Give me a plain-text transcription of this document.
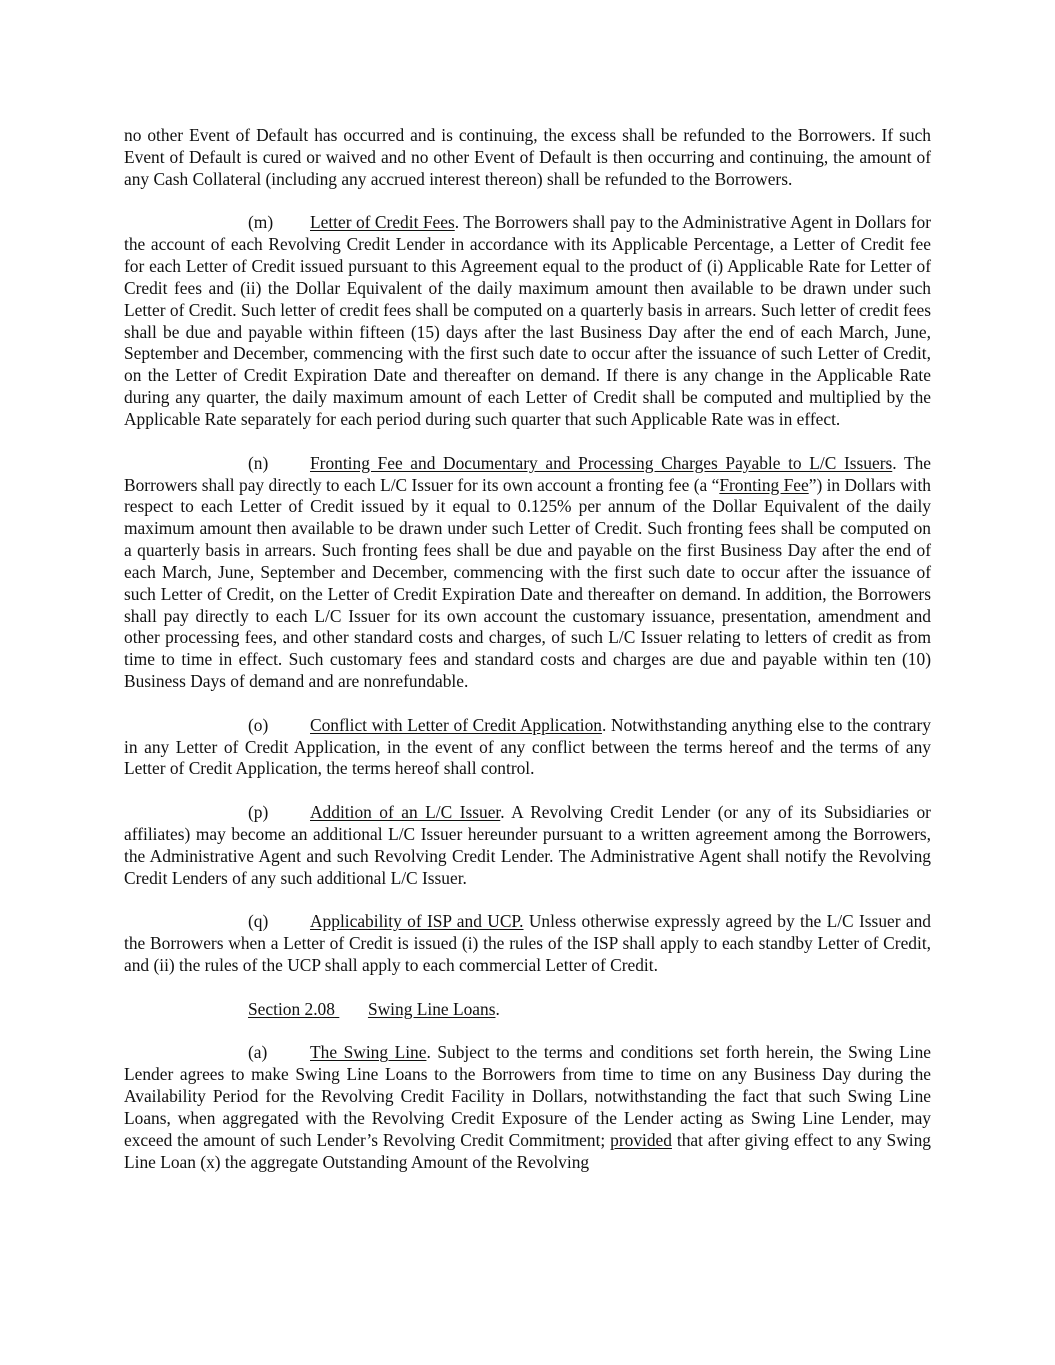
no other Event of Default has occurred and is continuing, the excess shall be refunded to the Borrowers. If such Event of Default is cured or waived and no other Event of Default is then occurring and continuing, the amount of any Cash Collateral (including any accrued interest thereon) shall be refunded to the Borrowers.

(m) Letter of Credit Fees. The Borrowers shall pay to the Administrative Agent in Dollars for the account of each Revolving Credit Lender in accordance with its Applicable Percentage, a Letter of Credit fee for each Letter of Credit issued pursuant to this Agreement equal to the product of (i) Applicable Rate for Letter of Credit fees and (ii) the Dollar Equivalent of the daily maximum amount then available to be drawn under such Letter of Credit. Such letter of credit fees shall be computed on a quarterly basis in arrears. Such letter of credit fees shall be due and payable within fifteen (15) days after the last Business Day after the end of each March, June, September and December, commencing with the first such date to occur after the issuance of such Letter of Credit, on the Letter of Credit Expiration Date and thereafter on demand. If there is any change in the Applicable Rate during any quarter, the daily maximum amount of each Letter of Credit shall be computed and multiplied by the Applicable Rate separately for each period during such quarter that such Applicable Rate was in effect.

(n) Fronting Fee and Documentary and Processing Charges Payable to L/C Issuers. The Borrowers shall pay directly to each L/C Issuer for its own account a fronting fee (a “Fronting Fee”) in Dollars with respect to each Letter of Credit issued by it equal to 0.125% per annum of the Dollar Equivalent of the daily maximum amount then available to be drawn under such Letter of Credit. Such fronting fees shall be computed on a quarterly basis in arrears. Such fronting fees shall be due and payable on the first Business Day after the end of each March, June, September and December, commencing with the first such date to occur after the issuance of such Letter of Credit, on the Letter of Credit Expiration Date and thereafter on demand. In addition, the Borrowers shall pay directly to each L/C Issuer for its own account the customary issuance, presentation, amendment and other processing fees, and other standard costs and charges, of such L/C Issuer relating to letters of credit as from time to time in effect. Such customary fees and standard costs and charges are due and payable within ten (10) Business Days of demand and are nonrefundable.

(o) Conflict with Letter of Credit Application. Notwithstanding anything else to the contrary in any Letter of Credit Application, in the event of any conflict between the terms hereof and the terms of any Letter of Credit Application, the terms hereof shall control.

(p) Addition of an L/C Issuer. A Revolving Credit Lender (or any of its Subsidiaries or affiliates) may become an additional L/C Issuer hereunder pursuant to a written agreement among the Borrowers, the Administrative Agent and such Revolving Credit Lender. The Administrative Agent shall notify the Revolving Credit Lenders of any such additional L/C Issuer.

(q) Applicability of ISP and UCP. Unless otherwise expressly agreed by the L/C Issuer and the Borrowers when a Letter of Credit is issued (i) the rules of the ISP shall apply to each standby Letter of Credit, and (ii) the rules of the UCP shall apply to each commercial Letter of Credit.

Section 2.08 Swing Line Loans.

(a) The Swing Line. Subject to the terms and conditions set forth herein, the Swing Line Lender agrees to make Swing Line Loans to the Borrowers from time to time on any Business Day during the Availability Period for the Revolving Credit Facility in Dollars, notwithstanding the fact that such Swing Line Loans, when aggregated with the Revolving Credit Exposure of the Lender acting as Swing Line Lender, may exceed the amount of such Lender’s Revolving Credit Commitment; provided that after giving effect to any Swing Line Loan (x) the aggregate Outstanding Amount of the Revolving
